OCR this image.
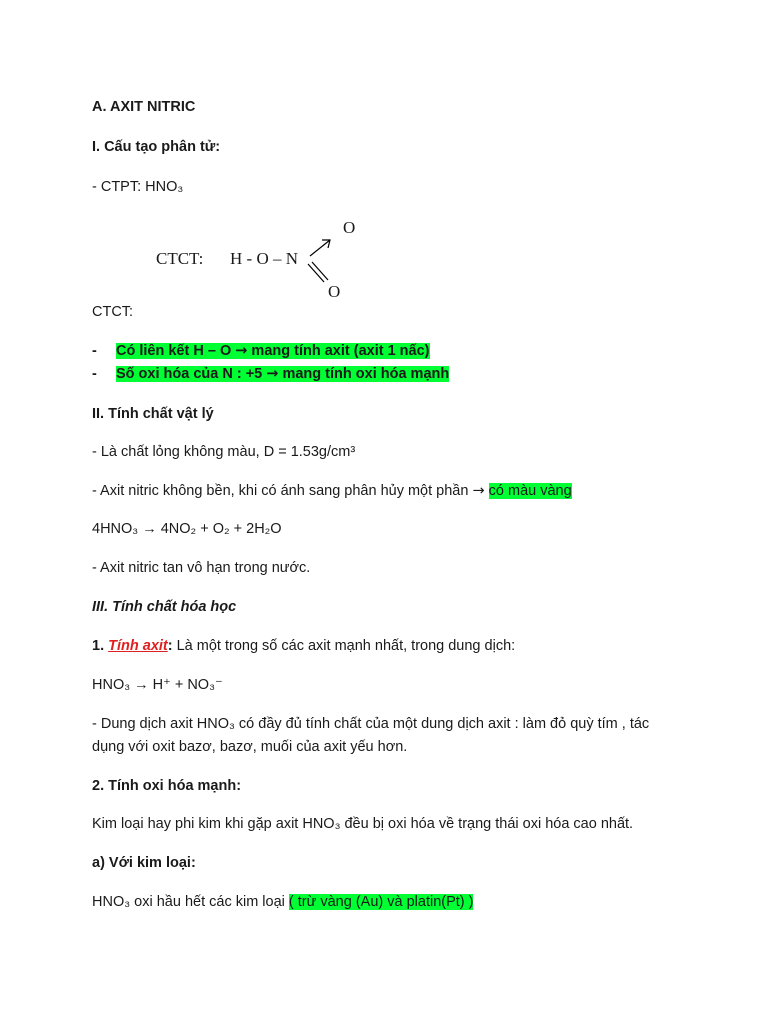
A. AXIT NITRIC
I. Cấu tạo phân tử:
- CTPT: HNO₃
CTCT: H - O – N
O
O
CTCT:
- Có liên kết H – O → mang tính axit (axit 1 nấc)
- Số oxi hóa của N : +5 → mang tính oxi hóa mạnh
II. Tính chất vật lý
- Là chất lỏng không màu, D = 1.53g/cm³
- Axit nitric không bền, khi có ánh sang phân hủy một phần → có màu vàng
4HNO₃ → 4NO₂ + O₂ + 2H₂O
- Axit nitric tan vô hạn trong nước.
III. Tính chất hóa học
1. Tính axit: Là một trong số các axit mạnh nhất, trong dung dịch:
HNO₃ → H⁺ + NO₃⁻
- Dung dịch axit HNO₃ có đầy đủ tính chất của một dung dịch axit : làm đỏ quỳ tím , tác
dụng với oxit bazơ, bazơ, muối của axit yếu hơn.
2. Tính oxi hóa mạnh:
Kim loại hay phi kim khi gặp axit HNO₃ đều bị oxi hóa về trạng thái oxi hóa cao nhất.
a) Với kim loại:
HNO₃ oxi hầu hết các kim loại ( trừ vàng (Au) và platin(Pt) )
